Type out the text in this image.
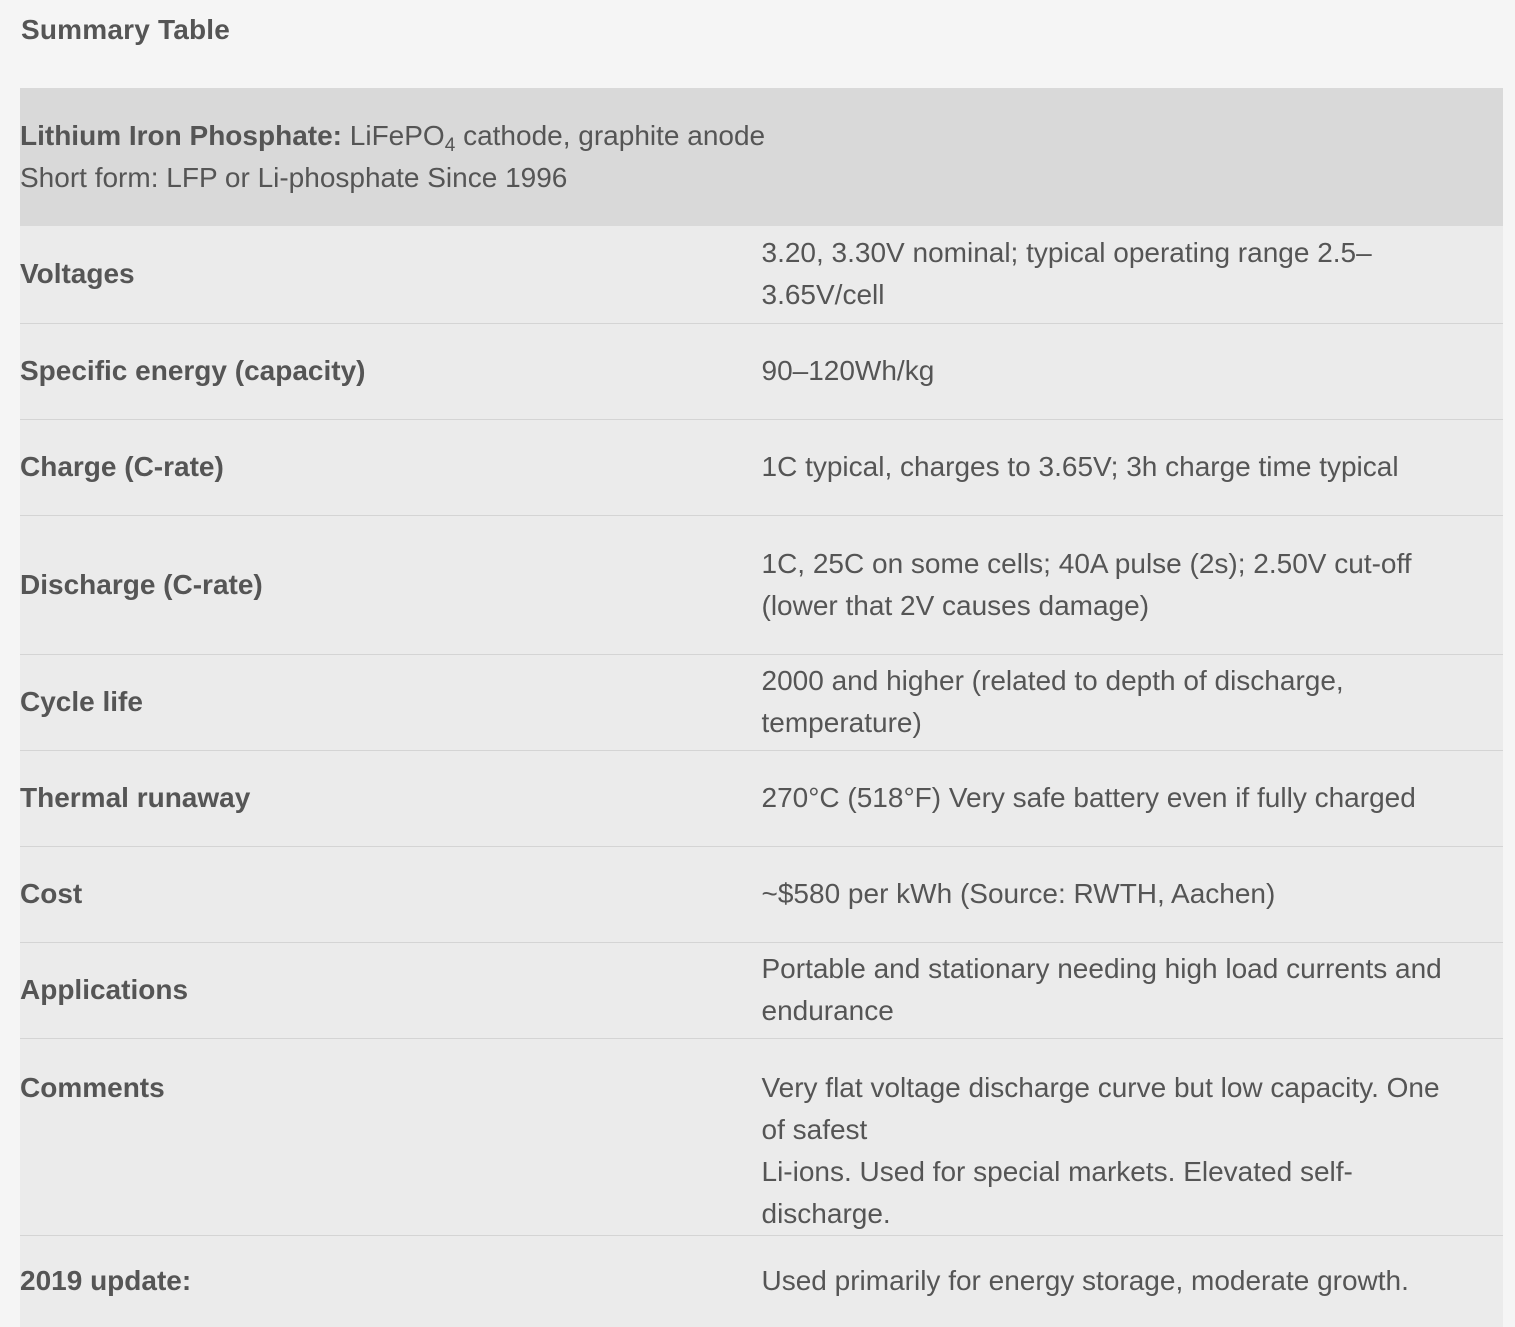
Summary Table
Lithium Iron Phosphate: LiFePO$_4$ cathode, graphite anode
Short form: LFP or Li-phosphate Since 1996	

Voltages	3.20, 3.30V nominal; typical operating range 2.5–3.65V/cell
Specific energy (capacity)	90–120Wh/kg
Charge (C-rate)	1C typical, charges to 3.65V; 3h charge time typical
Discharge (C-rate)	1C, 25C on some cells; 40A pulse (2s); 2.50V cut-off (lower that 2V causes damage)
Cycle life	2000 and higher (related to depth of discharge, temperature)
Thermal runaway	270°C (518°F) Very safe battery even if fully charged
Cost	~$580 per kWh (Source: RWTH, Aachen)
Applications	Portable and stationary needing high load currents and endurance
Comments	Very flat voltage discharge curve but low capacity. One of safest
Li-ions. Used for special markets. Elevated self-discharge.

2019 update:	Used primarily for energy storage, moderate growth.
